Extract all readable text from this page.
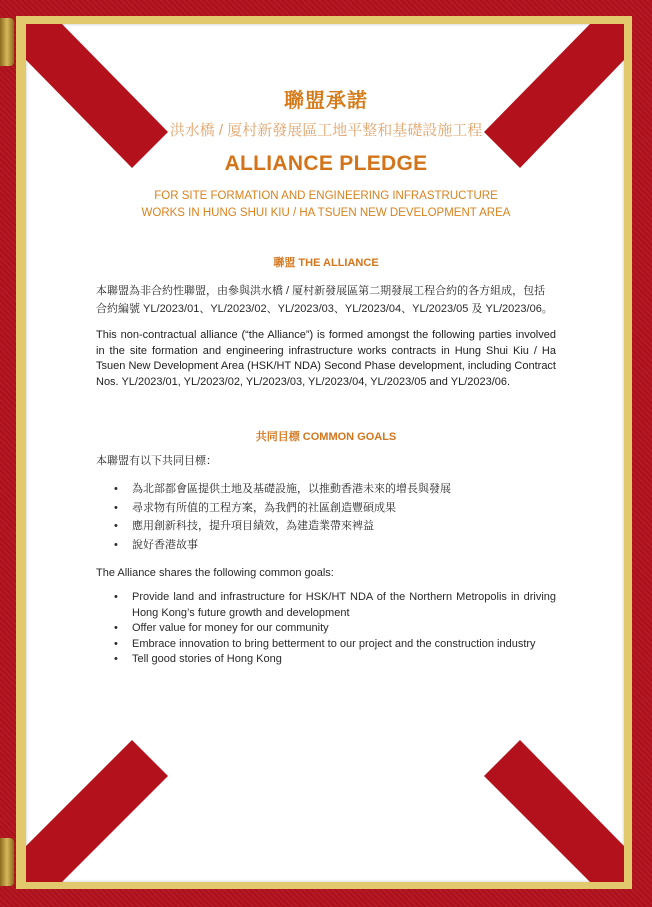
聯盟承諾
洪水橋 / 厦村新發展區工地平整和基礎設施工程
ALLIANCE PLEDGE
FOR SITE FORMATION AND ENGINEERING INFRASTRUCTURE
WORKS IN HUNG SHUI KIU / HA TSUEN NEW DEVELOPMENT AREA
聯盟 THE ALLIANCE

本聯盟為非合約性聯盟，由參與洪水橋 / 厦村新發展區第二期發展工程合約的各方組成，包括合約編號 YL/2023/01、YL/2023/02、YL/2023/03、YL/2023/04、YL/2023/05 及 YL/2023/06。

This non-contractual alliance (“the Alliance”) is formed amongst the following parties involved in the site formation and engineering infrastructure works contracts in Hung Shui Kiu / Ha Tsuen New Development Area (HSK/HT NDA) Second Phase development, including Contract Nos. YL/2023/01, YL/2023/02, YL/2023/03, YL/2023/04, YL/2023/05 and YL/2023/06.

共同目標 COMMON GOALS

本聯盟有以下共同目標：

• 為北部都會區提供土地及基礎設施，以推動香港未來的增長與發展
• 尋求物有所值的工程方案，為我們的社區創造豐碩成果
• 應用創新科技，提升項目績效，為建造業帶來裨益
• 說好香港故事

The Alliance shares the following common goals:

• Provide land and infrastructure for HSK/HT NDA of the Northern Metropolis in driving Hong Kong’s future growth and development
• Offer value for money for our community
• Embrace innovation to bring betterment to our project and the construction industry
• Tell good stories of Hong Kong
